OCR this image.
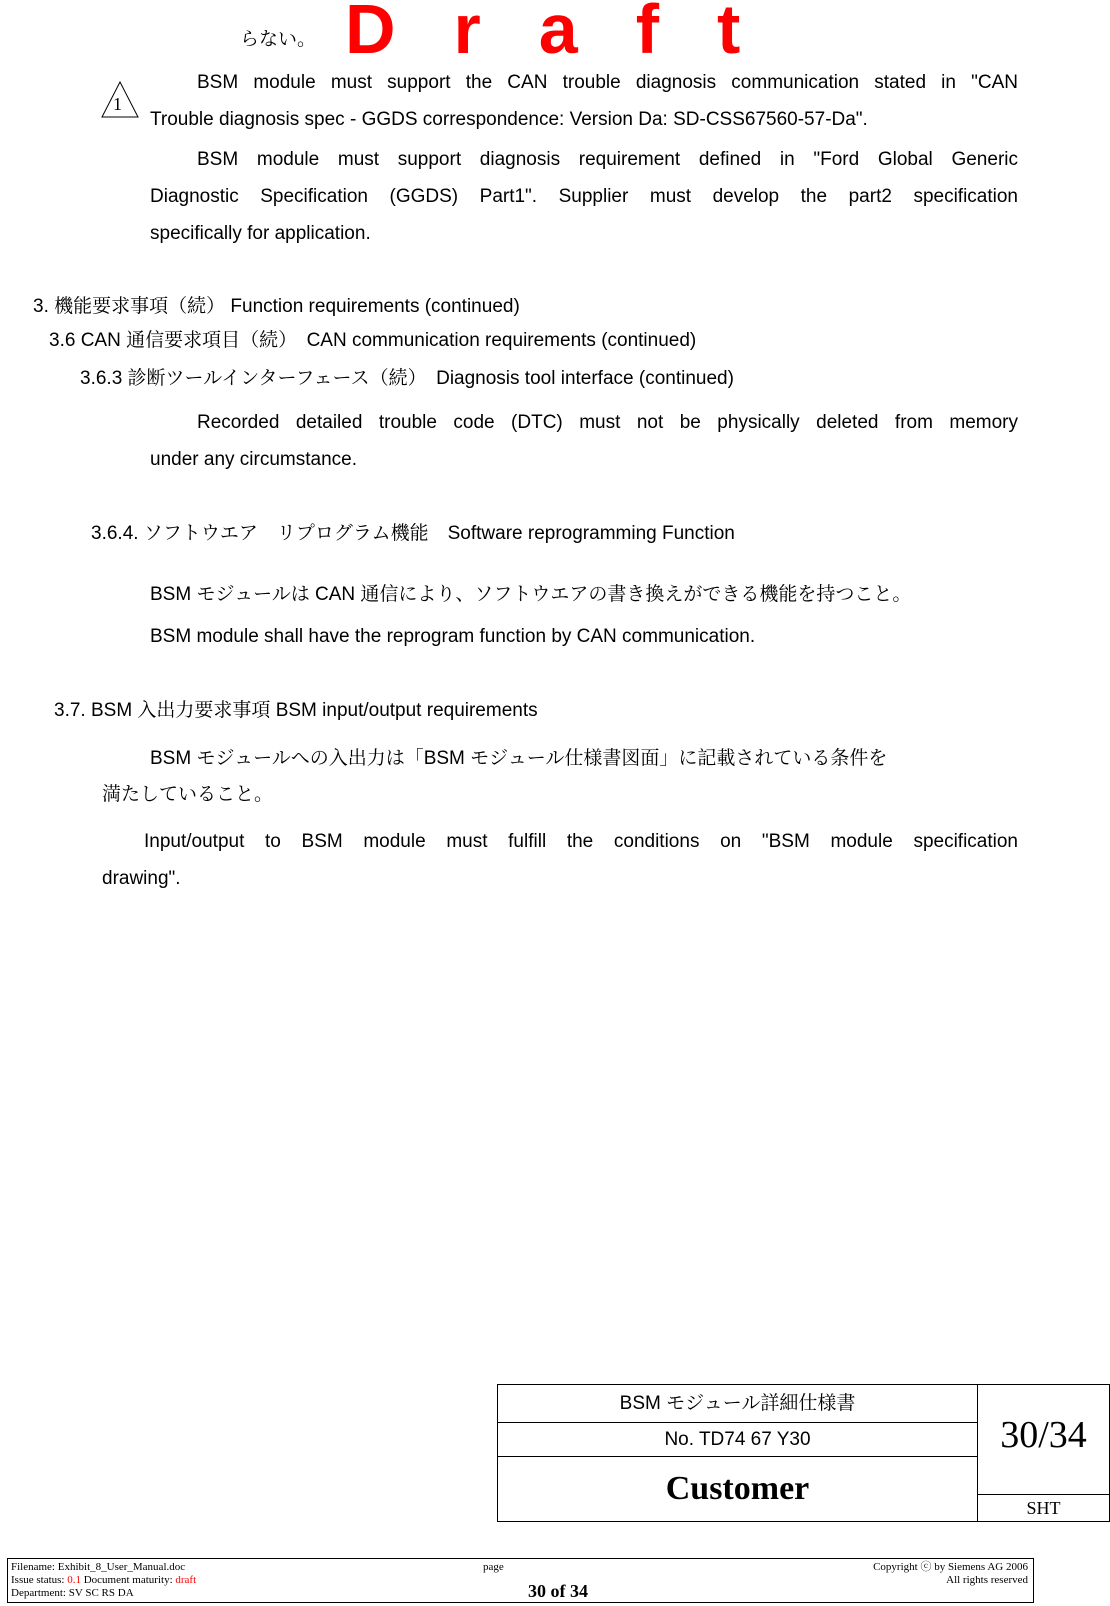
らない。 Draft
1
BSM module must support the CAN trouble diagnosis communication stated in "CAN
Trouble diagnosis spec - GGDS correspondence: Version Da: SD-CSS67560-57-Da".
BSM module must support diagnosis requirement defined in "Ford Global Generic
Diagnostic Specification (GGDS) Part1". Supplier must develop the part2 specification
specifically for application.
3. 機能要求事項（続） Function requirements (continued)
3.6 CAN 通信要求項目（続）　CAN communication requirements (continued)
3.6.3 診断ツールインターフェース（続）　Diagnosis tool interface (continued)
Recorded detailed trouble code (DTC) must not be physically deleted from memory
under any circumstance.
3.6.4. ソフトウエア　リプログラム機能　Software reprogramming Function
BSM モジュールは CAN 通信により、ソフトウエアの書き換えができる機能を持つこと。
BSM module shall have the reprogram function by CAN communication.
3.7. BSM 入出力要求事項 BSM input/output requirements
BSM モジュールへの入出力は「BSM モジュール仕様書図面」に記載されている条件を
満たしていること。
Input/output to BSM module must fulfill the conditions on "BSM module specification
drawing".
BSM モジュール詳細仕様書
No. TD74 67 Y30
Customer
30/34
SHT
Filename: Exhibit_8_User_Manual.doc
Issue status: 0.1 Document maturity: draft
Department: SV SC RS DA
page
30 of 34
Copyright ⓒ by Siemens AG 2006
All rights reserved
